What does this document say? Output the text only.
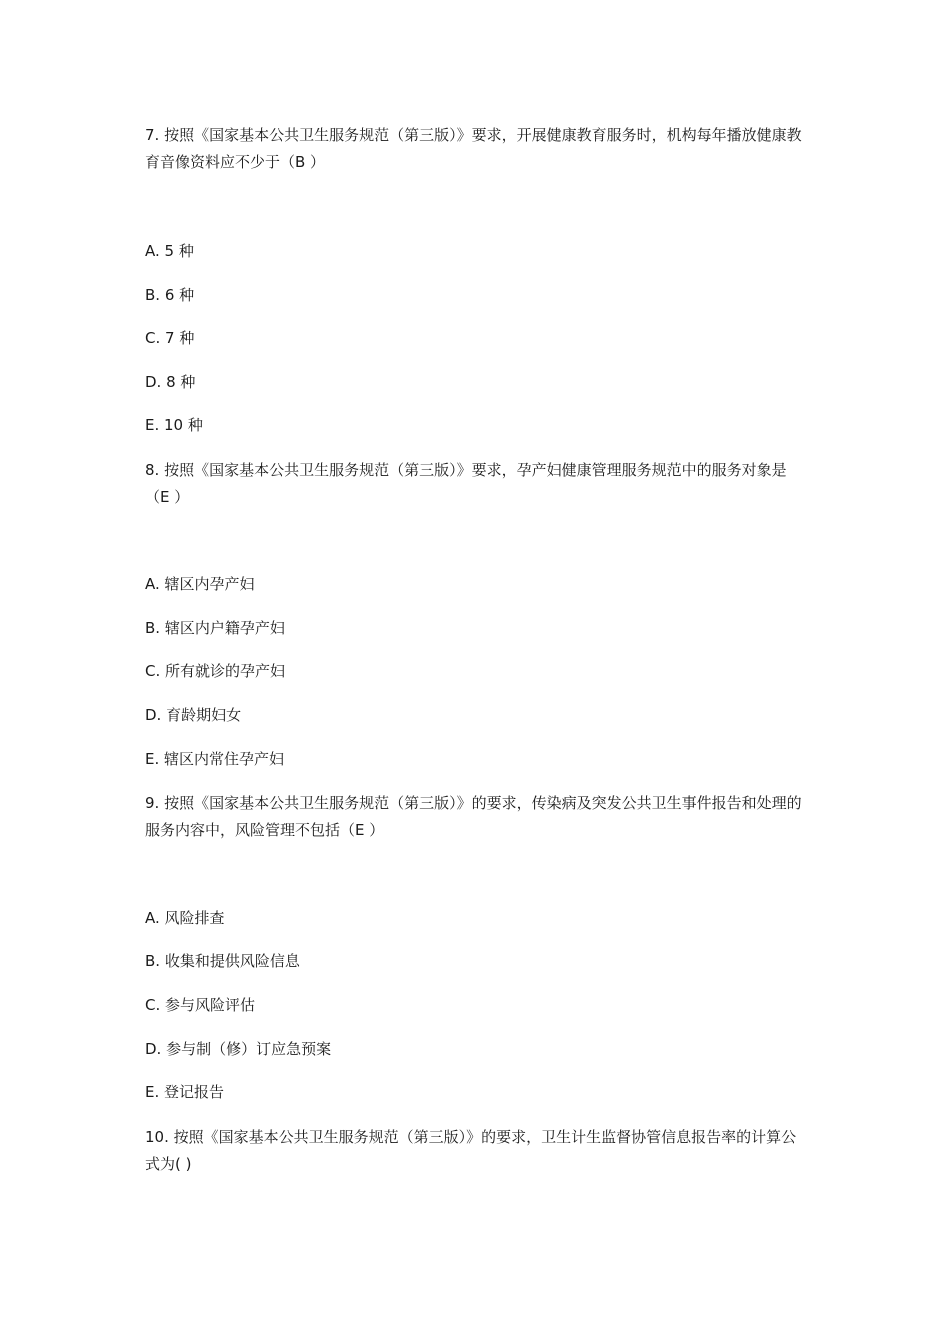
7. 按照《国家基本公共卫生服务规范（第三版）》要求，开展健康教育服务时，机构每年播放健康教育音像资料应不少于（B ）

A. 5 种

B. 6 种

C. 7 种

D. 8 种

E. 10 种

8. 按照《国家基本公共卫生服务规范（第三版）》要求，孕产妇健康管理服务规范中的服务对象是（E ）

A. 辖区内孕产妇

B. 辖区内户籍孕产妇

C. 所有就诊的孕产妇

D. 育龄期妇女

E. 辖区内常住孕产妇

9. 按照《国家基本公共卫生服务规范（第三版）》的要求，传染病及突发公共卫生事件报告和处理的服务内容中，风险管理不包括（E ）

A. 风险排查

B. 收集和提供风险信息

C. 参与风险评估

D. 参与制（修）订应急预案

E. 登记报告

10. 按照《国家基本公共卫生服务规范（第三版）》的要求，卫生计生监督协管信息报告率的计算公式为( )
